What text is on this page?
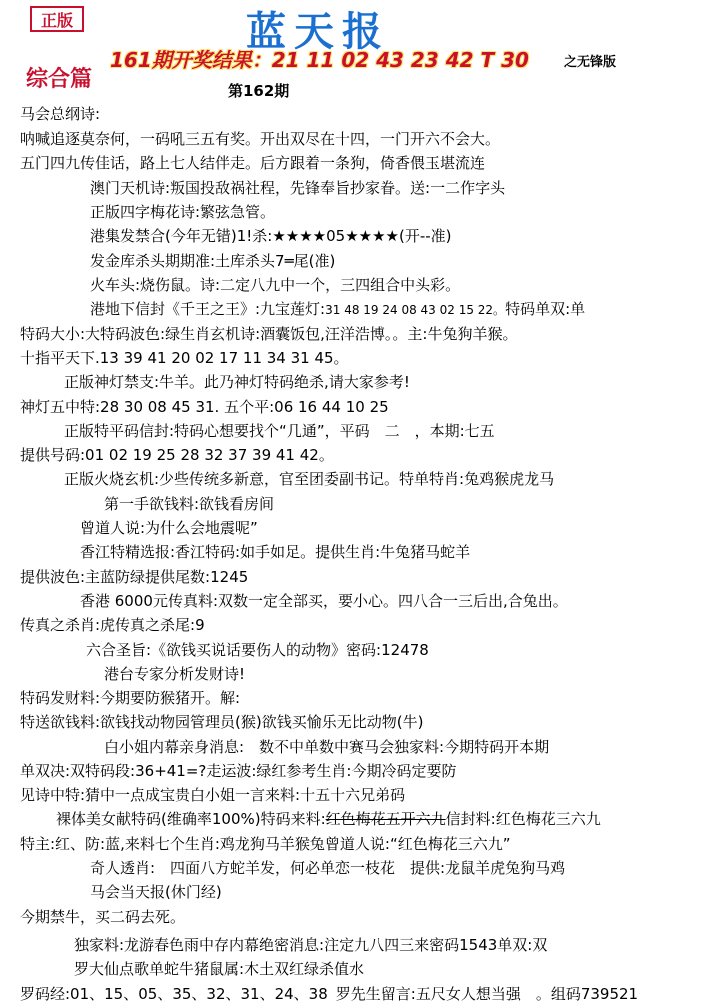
正版	蓝天报
161期开奖结果：21 11 02 43 23 42 T 30	之无锋版
综合篇	第162期
马会总纲诗:
呐喊追逐莫奈何，一码吼三五有奖。开出双尽在十四，一门开六不会大。
五门四九传佳话，路上七人结伴走。后方跟着一条狗，倚香偎玉堪流连
澳门天机诗:叛国投敌祸社程，先锋奉旨抄家眷。送:一二作字头
正版四字梅花诗:繁弦急管。
港集发禁合(今年无错)1!杀:★★★★05★★★★(开--准)
发金库杀头期期准:土库杀头7═尾(准)
火车头:烧伤鼠。诗:二定八九中一个，三四组合中头彩。
港地下信封《千王之王》:九宝莲灯:31 48 19 24 08 43 02 15 22。特码单双:单
特码大小:大特码波色:绿生肖玄机诗:酒囊饭包,汪洋浩博。。主:牛兔狗羊猴。
十指平天下.13 39 41 20 02 17 11 34 31 45。
正版神灯禁支:牛羊。此乃神灯特码绝杀,请大家参考!
神灯五中特:28 30 08 45 31. 五个平:06 16 44 10 25
正版特平码信封:特码心想要找个“几通”，平码　二　，本期:七五
提供号码:01 02 19 25 28 32 37 39 41 42。
正版火烧玄机:少些传统多新意，官至团委副书记。特单特肖:兔鸡猴虎龙马
第一手欲钱料:欲钱看房间
曾道人说:为什么会地震呢”
香江特精选报:香江特码:如手如足。提供生肖:牛兔猪马蛇羊
提供波色:主蓝防绿提供尾数:1245
香港 6000元传真料:双数一定全部买，要小心。四八合一三后出,合兔出。
传真之杀肖:虎传真之杀尾:9
六合圣旨:《欲钱买说话要伤人的动物》密码:12478
港台专家分析发财诗!
特码发财料:今期要防猴猪开。解:
特送欲钱料:欲钱找动物园管理员(猴)欲钱买愉乐无比动物(牛)
白小姐内幕亲身消息:　数不中单数中赛马会独家料:今期特码开本期
单双决:双特码段:36+41=?走运波:绿红参考生肖:今期冷码定要防
见诗中特:猜中一点成宝贵白小姐一言来料:十五十六兄弟码
裸体美女献特码(维确率100%)特码来料:红色梅花五开六九信封料:红色梅花三六九
特主:红、防:蓝,来料七个生肖:鸡龙狗马羊猴兔曾道人说:“红色梅花三六九”
奇人透肖:　四面八方蛇羊发，何必单恋一枝花　提供:龙鼠羊虎兔狗马鸡
马会当天报(休门经)
今期禁牛，买二码去死。
独家料:龙游春色雨中存内幕绝密消息:注定九八四三来密码1543单双:双
罗大仙点歌单蛇牛猪鼠属:木土双红绿杀值水
罗码经:01、15、05、35、32、31、24、38 罗先生留言:五尺女人想当强　。组码739521
